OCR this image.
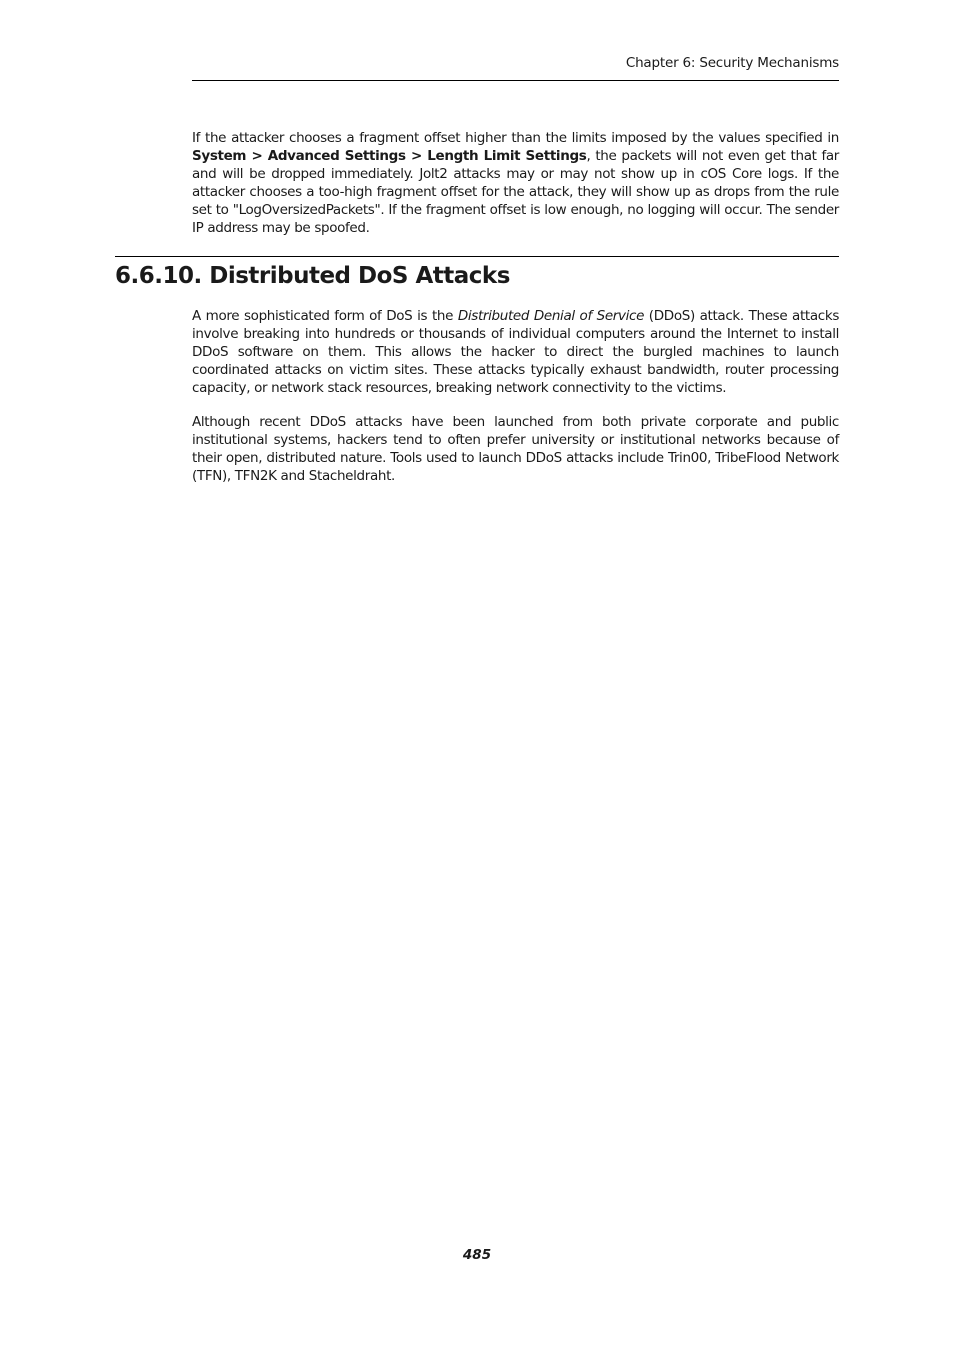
Chapter 6: Security Mechanisms

If the attacker chooses a fragment offset higher than the limits imposed by the values specified in System > Advanced Settings > Length Limit Settings, the packets will not even get that far and will be dropped immediately. Jolt2 attacks may or may not show up in cOS Core logs. If the attacker chooses a too-high fragment offset for the attack, they will show up as drops from the rule set to "LogOversizedPackets". If the fragment offset is low enough, no logging will occur. The sender IP address may be spoofed.

6.6.10. Distributed DoS Attacks

A more sophisticated form of DoS is the Distributed Denial of Service (DDoS) attack. These attacks involve breaking into hundreds or thousands of individual computers around the Internet to install DDoS software on them. This allows the hacker to direct the burgled machines to launch coordinated attacks on victim sites. These attacks typically exhaust bandwidth, router processing capacity, or network stack resources, breaking network connectivity to the victims.

Although recent DDoS attacks have been launched from both private corporate and public institutional systems, hackers tend to often prefer university or institutional networks because of their open, distributed nature. Tools used to launch DDoS attacks include Trin00, TribeFlood Network (TFN), TFN2K and Stacheldraht.

485
